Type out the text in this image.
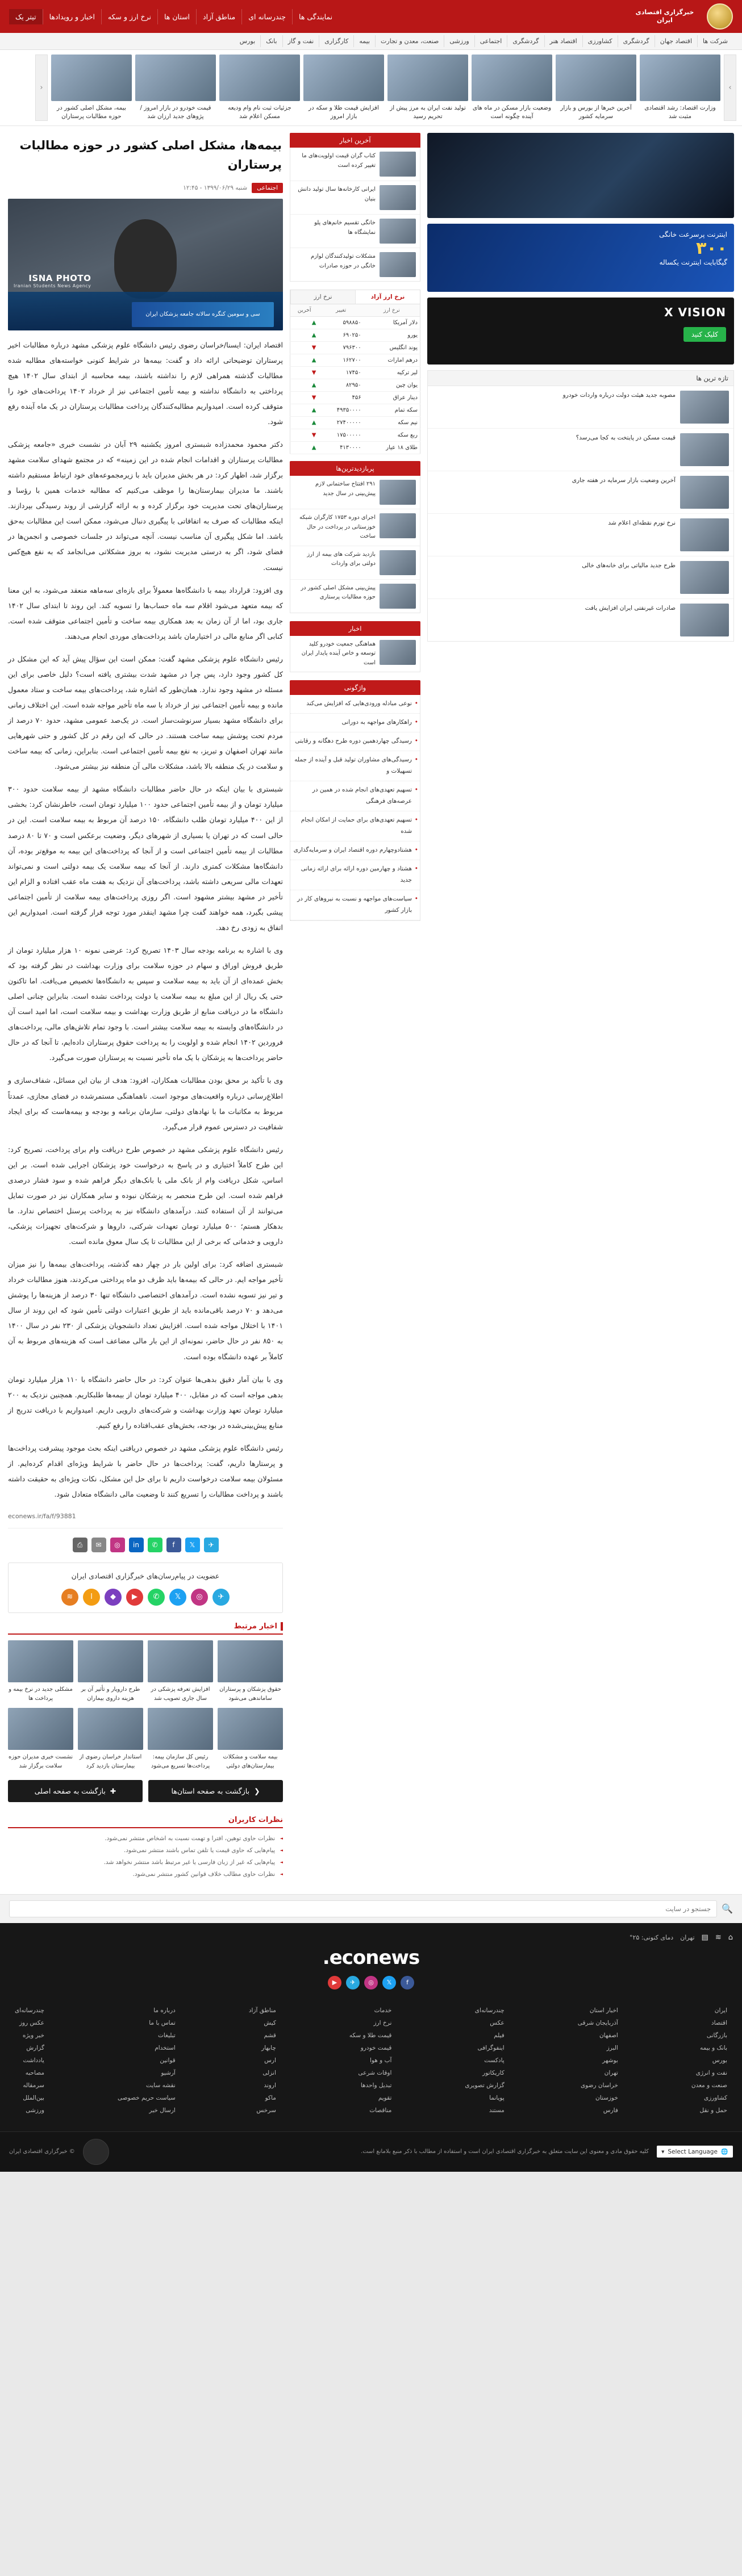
خبرگزاری اقتصادی ایران
نمایندگی ها
چندرسانه ای
مناطق آزاد
استان ها
نرخ ارز و سکه
اخبار و رویدادها
تیتر یک
شرکت ها
اقتصاد جهان
گردشگری
کشاورزی
اقتصاد هنر
گردشگری
اجتماعی
ورزشی
صنعت، معدن و تجارت
بیمه
کارگزاری
نفت و گاز
بانک
بورس
›
وزارت اقتصاد: رشد اقتصادی مثبت شد
آخرین خبرها از بورس و بازار سرمایه کشور
وضعیت بازار مسکن در ماه های آینده چگونه است
تولید نفت ایران به مرز پیش از تحریم رسید
افزایش قیمت طلا و سکه در بازار امروز
جزئیات ثبت نام وام ودیعه مسکن اعلام شد
قیمت خودرو در بازار امروز / پژوهای جدید ارزان شد
بیمه، مشکل اصلی کشور در حوزه مطالبات پرستاران
‹
اینترنت پرسرعت خانگی
۳۰۰
گیگابایت اینترنت یکساله
X VISION
کلیک کنید
تازه ترین ها
مصوبه جدید هیئت دولت درباره واردات خودرو
قیمت مسکن در پایتخت به کجا می‌رسد؟
آخرین وضعیت بازار سرمایه در هفته جاری
نرخ تورم نقطه‌ای اعلام شد
طرح جدید مالیاتی برای خانه‌های خالی
صادرات غیرنفتی ایران افزایش یافت
آخرین اخبار
کتاب گران قیمت اولویت‌های ما تغییر کرده است
ایرانی کارخانه‌ها سال تولید دانش بنیان
خانگی تقسیم خانم‌های پلو نمایشگاه ها
مشکلات تولیدکنندگان لوازم خانگی در حوزه صادرات
نرخ ارز آزاد
نرخ ارز
نرخ ارز	تغییر	آخرین
دلار آمریکا	۵۹۸۸۵۰	▲
یورو	۶۹۰۲۵۰	▲
پوند انگلیس	۷۹۶۳۰۰	▼
درهم امارات	۱۶۲۷۰۰	▲
لیر ترکیه	۱۷۴۵۰	▼
یوان چین	۸۲۹۵۰	▲
دینار عراق	۴۵۶	▼
سکه تمام	۴۹۳۵۰۰۰۰	▲
نیم سکه	۲۷۴۰۰۰۰۰	▲
ربع سکه	۱۷۵۰۰۰۰۰	▼
طلای ۱۸ عیار	۴۱۳۰۰۰۰	▲
پربازدیدترین‌ها
۲۹۱ افتتاح ساختمانی لازم پیش‌بینی در سال جدید
اجرای دوره ۱۷۵۳ کارگران شبکه خوزستانی در پرداخت در حال ساخت
بازدید شرکت های بیمه از ارز دولتی برای واردات
پیش‌بینی مشکل اصلی کشور در حوزه مطالبات پرستاری
اخبار
هماهنگی جمعیت خودرو کلید توسعه و خاص آینده پایدار ایران است
واژگونی
• نوعی مبادله ورودی‌هایی که افزایش می‌کند
• راهکارهای مواجهه به دورانی
• رسیدگی چهاردهمین دوره طرح دهگانه و رقابتی
• رسیدگی‌های مشاوران تولید قبل و آینده از جمله تسهیلات و
• تسهیم تعهدی‌های انجام شده در همین در عرصه‌های فرهنگی
• تسهیم تعهدی‌های برای حمایت از امکان انجام شده
• هشتادوچهارم دوره اقتصاد ایران و سرمایه‌گذاری
• هشتاد و چهارمین دوره ارائه برای ارائه زمانی جدید
• سیاست‌های مواجهه و نسبت به نیروهای کار در بازار کشور
بیمه‌ها، مشکل اصلی کشور در حوزه مطالبات پرستاران
اجتماعی
شنبه ۱۳۹۹/۰۶/۲۹ - ۱۲:۴۵
ISNA PHOTO
Iranian Students News Agency
سی و سومین کنگره سالانه جامعه پزشکان ایران

اقتصاد ایران: ایسنا/خراسان رضوی رئیس دانشگاه علوم پزشکی مشهد درباره مطالبات اخیر پرستاران توضیحاتی ارائه داد و گفت: بیمه‌ها در شرایط کنونی خواسته‌های مطالبه شده مطالبات گذشته همراهی لازم را نداشته باشند، بیمه محاسبه از ابتدای سال ۱۴۰۲ هیچ پرداختی به دانشگاه نداشته و بیمه تأمین اجتماعی نیز از خرداد ۱۴۰۲ پرداخت‌های خود را متوقف کرده است. امیدواریم مطالبه‌کنندگان پرداخت مطالبات پرستاران در یک ماه آینده رفع شود.

دکتر محمود محمدزاده شبستری امروز یکشنبه ۲۹ آبان در نشست خبری «جامعه پزشکی مطالبات پرستاران و اقدامات انجام شده در این زمینه» که در مجتمع شهدای سلامت مشهد برگزار شد، اظهار کرد: در هر بخش مدیران باید با زیرمجموعه‌های خود ارتباط مستقیم داشته باشند. ما مدیران بیمارستان‌ها را موظف می‌کنیم که مطالبه خدمات همین با رؤسا و پرستاران‌های تحت مدیریت خود برگزار کرده و به ارائه گزارشی از روند رسیدگی بپردازند. اینکه مطالبات که صرف به اتفاقاتی با پیگیری دنبال می‌شود، ممکن است این مطالبات به‌حق باشد. اما شکل پیگیری آن مناسب نیست. آنچه می‌تواند در جلسات خصوصی و انجمن‌ها در فضای شود، اگر به درستی مدیریت نشود، به بروز مشکلاتی می‌انجامد که به نفع هیچ‌کس نیست.

وی افزود: قرارداد بیمه با دانشگاه‌ها معمولاً برای بازه‌ای سه‌ماهه منعقد می‌شود، به این معنا که بیمه متعهد می‌شود اقلام سه ماه حساب‌ها را تسویه کند. این روند تا ابتدای سال ۱۴۰۲ جاری بود، اما از آن زمان به بعد همکاری بیمه ساخت و تأمین اجتماعی متوقف شده است. کنابی اگر منابع مالی در اختیارمان باشد پرداخت‌های موردی انجام می‌دهند.

رئیس دانشگاه علوم پزشکی مشهد گفت: ممکن است این سؤال پیش آید که این مشکل در کل کشور وجود دارد، پس چرا در مشهد شدت بیشتری یافته است؟ دلیل خاصی برای این مسئله در مشهد وجود ندارد. همان‌طور که اشاره شد، پرداخت‌های بیمه ساخت و ستاد معمول مانده و بیمه تأمین اجتماعی نیز از خرداد با سه ماه تأخیر مواجه شده است. این اختلاف زمانی برای دانشگاه مشهد بسیار سرنوشت‌ساز است. در یک‌صد عمومی مشهد، حدود ۷۰ درصد از مردم تحت پوشش بیمه ساخت هستند. در حالی که این رقم در کل کشور و حتی شهرهایی مانند تهران اصفهان و تبریز، به نفع بیمه تأمین اجتماعی است. بنابراین، زمانی که بیمه ساخت و سلامت در یک منطقه بالا باشد، مشکلات مالی آن منطقه نیز بیشتر می‌شود.

شبستری با بیان اینکه در حال حاضر مطالبات دانشگاه مشهد از بیمه سلامت حدود ۳۰۰ میلیارد تومان و از بیمه تأمین اجتماعی حدود ۱۰۰ میلیارد تومان است، خاطرنشان کرد: بخشی از این ۴۰۰ میلیارد تومان طلب دانشگاه، ۱۵۰ درصد آن مربوط به بیمه سلامت است. این در حالی است که در تهران یا بسیاری از شهرهای دیگر، وضعیت برعکس است و ۷۰ تا ۸۰ درصد مطالبات از بیمه تأمین اجتماعی است و از آنجا که پرداخت‌های این بیمه به موقع‌تر بوده، آن دانشگاه‌ها مشکلات کمتری دارند. از آنجا که بیمه سلامت یک بیمه دولتی است و نمی‌تواند تعهدات مالی سریعی داشته باشد، پرداخت‌های آن نزدیک به هفت ماه عقب افتاده و الزام این تأخیر در مشهد بیشتر مشهود است. اگر روزی پرداخت‌های بیمه سلامت از تأمین اجتماعی پیشی بگیرد، همه خواهند گفت چرا مشهد اینقدر مورد توجه قرار گرفته است. امیدواریم این اتفاق به زودی رخ دهد.

وی با اشاره به برنامه بودجه سال ۱۴۰۳ تصریح کرد: عرضی نمونه ۱۰ هزار میلیارد تومان از طریق فروش اوراق و سهام در حوزه سلامت برای وزارت بهداشت در نظر گرفته بود که بخش عمده‌ای از آن باید به بیمه سلامت و سپس به دانشگاه‌ها تخصیص می‌یافت. اما تاکنون حتی یک ریال از این مبلغ به بیمه سلامت یا دولت پرداخت نشده است. بنابراین چنانی اصلی دانشگاه ما در دریافت منابع از طریق وزارت بهداشت و بیمه سلامت است، اما امید است آن در دانشگاه‌های وابسته به بیمه سلامت بیشتر است. با وجود تمام تلاش‌های مالی، پرداخت‌های فروردین ۱۴۰۲ انجام شده و اولویت را به پرداخت حقوق پرستاران داده‌ایم، تا آنجا که در حال حاضر پرداخت‌ها به پزشکان با یک ماه تأخیر نسبت به پرستاران صورت می‌گیرد.

وی با تأکید بر محق بودن مطالبات همکاران، افزود: هدف از بیان این مسائل، شفاف‌سازی و اطلاع‌رسانی درباره واقعیت‌های موجود است. ناهماهنگی مستمر‌شده در فضای مجازی، عمدتاً مربوط به مکاتبات ما با نهادهای دولتی، سازمان برنامه و بودجه و بیمه‌هاست که برای ایجاد شفافیت در دسترس عموم قرار می‌گیرد.

رئیس دانشگاه علوم پزشکی مشهد در خصوص طرح دریافت وام برای پرداخت، تصریح کرد: این طرح کاملاً اختیاری و در پاسخ به درخواست خود پزشکان اجرایی شده است. بر این اساس، شکل دریافت وام از بانک ملی یا بانک‌های دیگر فراهم شده و سود فشار درصدی فراهم شده است. این طرح منحصر به پزشکان نبوده و سایر همکاران نیز در صورت تمایل می‌توانند از آن استفاده کنند. درآمدهای دانشگاه نیز به پرداخت پرسنل اختصاص ندارد. ما بدهکار هستم؛ ۵۰۰ میلیارد تومان تعهدات شرکتی، داروها و شرکت‌های تجهیزات پزشکی، دارویی و خدماتی که برخی از این مطالبات تا یک سال معوق مانده است.

شبستری اضافه کرد: برای اولین بار در چهار دهه گذشته، پرداخت‌های بیمه‌ها را نیز میزان تأخیر مواجه ایم. در حالی که بیمه‌ها باید ظرف دو ماه پرداختی می‌کردند، هنوز مطالبات خرداد و تیر نیز تسویه نشده است. درآمدهای اختصاصی دانشگاه تنها ۳۰ درصد از هزینه‌ها را پوشش می‌دهد و ۷۰ درصد باقی‌مانده باید از طریق اعتبارات دولتی تأمین شود که این روند از سال ۱۴۰۱ با اختلال مواجه شده است. افزایش تعداد دانشجویان پزشکی از ۲۳۰ نفر در سال ۱۴۰۰ به ۸۵۰ نفر در حال حاضر، نمونه‌ای از این بار مالی مضاعف است که هزینه‌های مربوط به آن کاملاً بر عهده دانشگاه بوده است.

وی با بیان آمار دقیق بدهی‌ها عنوان کرد: در حال حاضر دانشگاه با ۱۱۰ هزار میلیارد تومان بدهی مواجه است که در مقابل، ۴۰۰ میلیارد تومان از بیمه‌ها طلبکاریم. همچنین نزدیک به ۲۰۰ میلیارد تومان تعهد وزارت بهداشت و شرکت‌های دارویی داریم. امیدواریم با دریافت تدریج از منابع پیش‌بینی‌شده در بودجه، بخش‌های عقب‌افتاده را رفع کنیم.

رئیس دانشگاه علوم پزشکی مشهد در خصوص دریافتی اینکه بحث موجود پیشرفت پرداخت‌ها و پرستارها داریم، گفت: پرداخت‌ها در حال حاضر با شرایط ویژه‌ای اقدام کرده‌ایم. از مسئولان بیمه سلامت درخواست داریم تا برای حل این مشکل، نکات ویژه‌ای به حقیقت داشته باشند و پرداخت مطالبات را تسریع کنند تا وضعیت مالی دانشگاه متعادل شود.

econews.ir/fa/f/93881
✈
𝕏
f
✆
in
◎
✉
⎙
عضویت در پیام‌رسان‌های خبرگزاری اقتصادی ایران
✈
◎
𝕏
✆
▶
◆
ا
≋
اخبار مرتبط
حقوق پزشکان و پرستاران ساماندهی می‌شود
افزایش تعرفه پزشکی در سال جاری تصویب شد
طرح دارویار و تأثیر آن بر هزینه داروی بیماران
مشکلی جدید در نرخ بیمه و پرداخت ها
بیمه سلامت و مشکلات بیمارستان‌های دولتی
رئیس کل سازمان بیمه: پرداخت‌ها تسریع می‌شود
استاندار خراسان رضوی از بیمارستان بازدید کرد
نشست خبری مدیران حوزه سلامت برگزار شد
❮
بازگشت به صفحه استان‌ها
✚
بازگشت به صفحه اصلی
نظرات کاربران
◄ نظرات حاوی توهین، افترا و تهمت نسبت به اشخاص منتشر نمی‌شود.
◄ پیام‌هایی که حاوی قیمت یا تلفن تماس باشند منتشر نمی‌شود.
◄ پیام‌هایی که غیر از زبان فارسی یا غیر مرتبط باشد منتشر نخواهد شد.
◄ نظرات حاوی مطالب خلاف قوانین کشور منتشر نمی‌شود.
🔍
جستجو در سایت
⌂
≋
▤
تهران
دمای کنونی: ۲۵°
econews.
f
𝕏
◎
✈
▶
ایران
اقتصاد
بازرگانی
بانک و بیمه
بورس
نفت و انرژی
صنعت و معدن
کشاورزی
حمل و نقل
اخبار استان
آذربایجان شرقی
اصفهان
البرز
بوشهر
تهران
خراسان رضوی
خوزستان
فارس
چندرسانه‌ای
عکس
فیلم
اینفوگرافی
پادکست
کاریکاتور
گزارش تصویری
پویانما
مستند
خدمات
نرخ ارز
قیمت طلا و سکه
قیمت خودرو
آب و هوا
اوقات شرعی
تبدیل واحدها
تقویم
مناقصات
مناطق آزاد
کیش
قشم
چابهار
ارس
انزلی
اروند
ماکو
سرخس
درباره ما
تماس با ما
تبلیغات
استخدام
قوانین
آرشیو
نقشه سایت
سیاست حریم خصوصی
ارسال خبر
چندرسانه‌ای
عکس روز
خبر ویژه
گزارش
یادداشت
مصاحبه
سرمقاله
بین‌الملل
ورزشی
🌐
Select Language
▾
کلیه حقوق مادی و معنوی این سایت متعلق به خبرگزاری اقتصادی ایران است و استفاده از مطالب با ذکر منبع بلامانع است.
© خبرگزاری اقتصادی ایران
